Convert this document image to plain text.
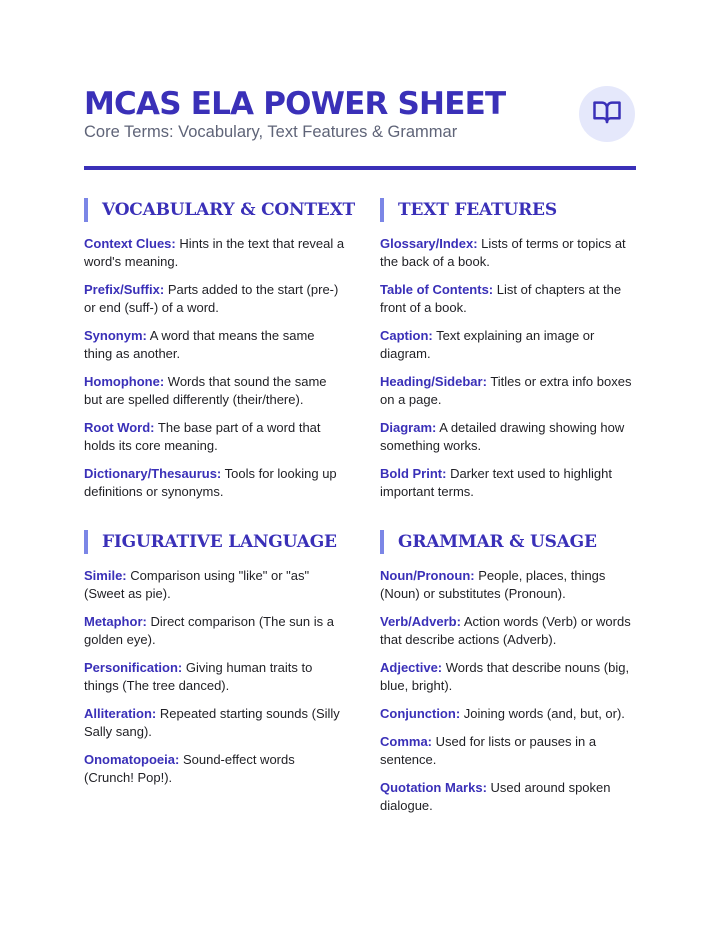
MCAS ELA POWER SHEET
Core Terms: Vocabulary, Text Features & Grammar
VOCABULARY & CONTEXT

Context Clues: Hints in the text that reveal a word's meaning.

Prefix/Suffix: Parts added to the start (pre-) or end (suff-) of a word.

Synonym: A word that means the same thing as another.

Homophone: Words that sound the same but are spelled differently (their/there).

Root Word: The base part of a word that holds its core meaning.

Dictionary/Thesaurus: Tools for looking up definitions or synonyms.

TEXT FEATURES

Glossary/Index: Lists of terms or topics at the back of a book.

Table of Contents: List of chapters at the front of a book.

Caption: Text explaining an image or diagram.

Heading/Sidebar: Titles or extra info boxes on a page.

Diagram: A detailed drawing showing how something works.

Bold Print: Darker text used to highlight important terms.

FIGURATIVE LANGUAGE

Simile: Comparison using "like" or "as" (Sweet as pie).

Metaphor: Direct comparison (The sun is a golden eye).

Personification: Giving human traits to things (The tree danced).

Alliteration: Repeated starting sounds (Silly Sally sang).

Onomatopoeia: Sound-effect words (Crunch! Pop!).

GRAMMAR & USAGE

Noun/Pronoun: People, places, things (Noun) or substitutes (Pronoun).

Verb/Adverb: Action words (Verb) or words that describe actions (Adverb).

Adjective: Words that describe nouns (big, blue, bright).

Conjunction: Joining words (and, but, or).

Comma: Used for lists or pauses in a sentence.

Quotation Marks: Used around spoken dialogue.
